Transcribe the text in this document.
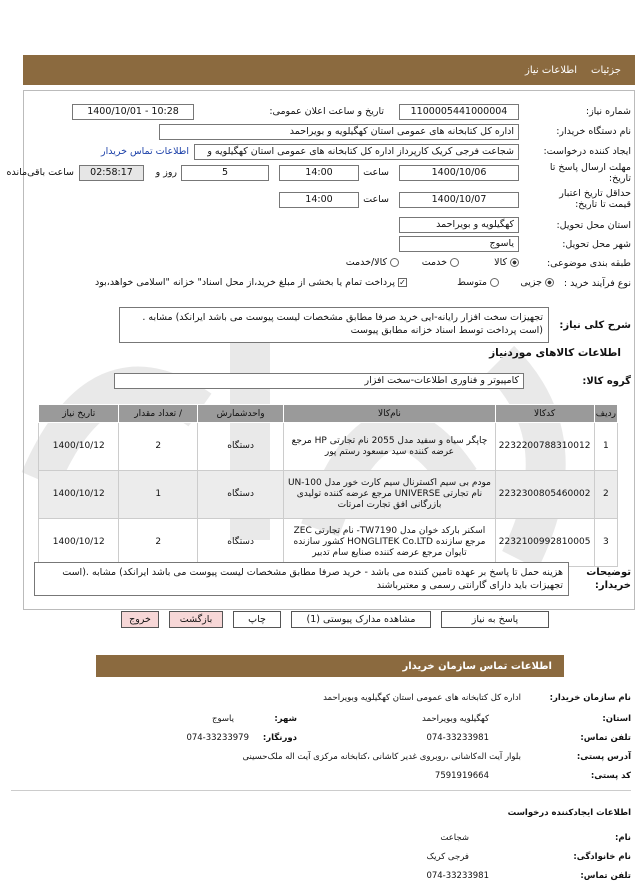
جزئیات
اطلاعات نیاز
شماره نیاز:
1100005441000004
تاریخ و ساعت اعلان عمومی:
1400/10/01 - 10:28
نام دستگاه خریدار:
اداره کل کتابخانه های عمومی استان کهگیلویه و بویراحمد
ایجاد کننده درخواست:
شجاعت فرجی کریک کارپرداز اداره کل کتابخانه های عمومی استان کهگیلویه و
اطلاعات تماس خریدار
مهلت ارسال پاسخ تا تاریخ:
1400/10/06
ساعت
14:00
5
روز و
02:58:17
ساعت باقی‌مانده
حداقل تاریخ اعتبار قیمت تا تاریخ:
1400/10/07
ساعت
14:00
استان محل تحویل:
کهگیلویه و بویراحمد
شهر محل تحویل:
یاسوج
طبقه بندی موضوعی:
کالا
خدمت
کالا/خدمت
نوع فرآیند خرید :
جزیی
متوسط
✓پرداخت تمام یا بخشی از مبلغ خرید،از محل اسناد" خزانه "اسلامی خواهد،بود
شرح کلی نیاز:
تجهیزات سخت افزار رایانه-ایی خرید صرفا مطابق مشخصات لیست پیوست می باشد ایرانکد) مشابه .(است پرداخت توسط اسناد خزانه مطابق پیوست
اطلاعات کالاهای موردنیاز
گروه کالا:
کامپیوتر و فناوری اطلاعات-سخت افزار
ردیف	کدکالا	نام‌کالا	واحدشمارش	/ تعداد مقدار	تاریخ نیاز
1	2232200788310012	چاپگر سیاه و سفید مدل 2055 نام تجارتی HP مرجع عرضه کننده سید مسعود رستم پور	دستگاه	2	1400/10/12
2	2232300805460002	مودم بی سیم اکسترنال سیم کارت خور مدل UN-100 نام تجارتی UNIVERSE مرجع عرضه کننده تولیدی بازرگانی افق تجارت امرتات	دستگاه	1	1400/10/12
3	2232100992810005	اسکنر بارکد خوان مدل TW7190- نام تجارتی ZEC مرجع سازنده HONGLITEK Co.LTD کشور سازنده تایوان مرجع عرضه کننده صنایع سام تدبیر	دستگاه	2	1400/10/12
توضیحات خریدار:
هزینه حمل تا پاسخ بر عهده تامین کننده می باشد - خرید صرفا مطابق مشخصات لیست پیوست می باشد ایرانکد) مشابه .(است تجهیزات باید دارای گارانتی رسمی و معتبرباشند
پاسخ به نیاز
مشاهده مدارک پیوستی (1)
چاپ
بازگشت
خروج
اطلاعات تماس سازمان خریدار
نام سازمان خریدار:
اداره کل کتابخانه های عمومی استان کهگیلویه وبویراحمد
استان:
کهگیلویه وبویراحمد
شهر:
یاسوج
تلفن تماس:
074-33233981
دورنگار:
074-33233979
آدرس پستی:
بلوار آیت اله‌کاشانی ،روبروی غدیر کاشانی ،کتابخانه مرکزی آیت اله ملک‌حسینی
کد پستی:
7591919664
اطلاعات ایجادکننده درخواست
نام:
شجاعت
نام خانوادگی:
فرجی کریک
تلفن تماس:
074-33233981
